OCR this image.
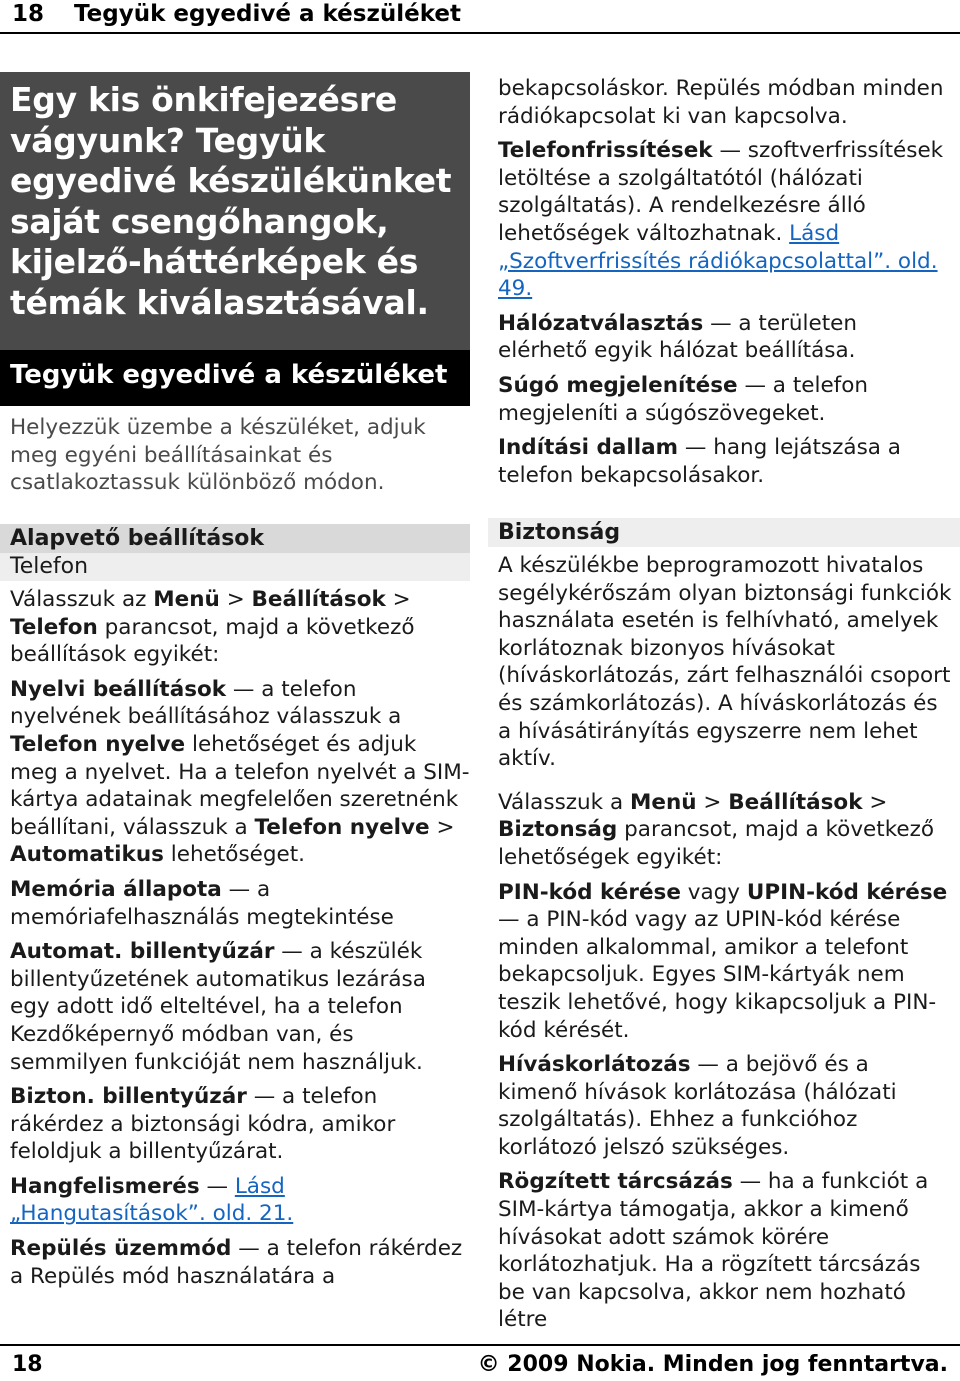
18 Tegyük egyedivé a készüléket
Egy kis önkifejezésre vágyunk? Tegyük egyedivé készülékünket saját csengőhangok, kijelző-háttérképek és témák kiválasztásával.
Tegyük egyedivé a készüléket

Helyezzük üzembe a készüléket, adjuk meg egyéni beállításainkat és csatlakoztassuk különböző módon.

Alapvető beállítások
Telefon

Válasszuk az Menü > Beállítások > Telefon parancsot, majd a következő beállítások egyikét:

Nyelvi beállítások — a telefon nyelvének beállításához válasszuk a Telefon nyelve lehetőséget és adjuk meg a nyelvet. Ha a telefon nyelvét a SIM-kártya adatainak megfelelően szeretnénk beállítani, válasszuk a Telefon nyelve > Automatikus lehetőséget.

Memória állapota — a memóriafelhasználás megtekintése

Automat. billentyűzár — a készülék billentyűzetének automatikus lezárása egy adott idő elteltével, ha a telefon Kezdőképernyő módban van, és semmilyen funkcióját nem használjuk.

Bizton. billentyűzár — a telefon rákérdez a biztonsági kódra, amikor feloldjuk a billentyűzárat.

Hangfelismerés — Lásd „Hangutasítások”. old. 21.

Repülés üzemmód — a telefon rákérdez a Repülés mód használatára a

bekapcsoláskor. Repülés módban minden rádiókapcsolat ki van kapcsolva.

Telefonfrissítések — szoftverfrissítések letöltése a szolgáltatótól (hálózati szolgáltatás). A rendelkezésre álló lehetőségek változhatnak. Lásd „Szoftverfrissítés rádiókapcsolattal”. old. 49.

Hálózatválasztás — a területen elérhető egyik hálózat beállítása.

Súgó megjelenítése — a telefon megjeleníti a súgószövegeket.

Indítási dallam — hang lejátszása a telefon bekapcsolásakor.

Biztonság

A készülékbe beprogramozott hivatalos segélykérőszám olyan biztonsági funkciók használata esetén is felhívható, amelyek korlátoznak bizonyos hívásokat (híváskorlátozás, zárt felhasználói csoport és számkorlátozás). A híváskorlátozás és a hívásátirányítás egyszerre nem lehet aktív.

Válasszuk a Menü > Beállítások > Biztonság parancsot, majd a következő lehetőségek egyikét:

PIN-kód kérése vagy UPIN-kód kérése — a PIN-kód vagy az UPIN-kód kérése minden alkalommal, amikor a telefont bekapcsoljuk. Egyes SIM-kártyák nem teszik lehetővé, hogy kikapcsoljuk a PIN-kód kérését.

Híváskorlátozás — a bejövő és a kimenő hívások korlátozása (hálózati szolgáltatás). Ehhez a funkcióhoz korlátozó jelszó szükséges.

Rögzített tárcsázás — ha a funkciót a SIM-kártya támogatja, akkor a kimenő hívásokat adott számok körére korlátozhatjuk. Ha a rögzített tárcsázás be van kapcsolva, akkor nem hozható létre

18	© 2009 Nokia. Minden jog fenntartva.
